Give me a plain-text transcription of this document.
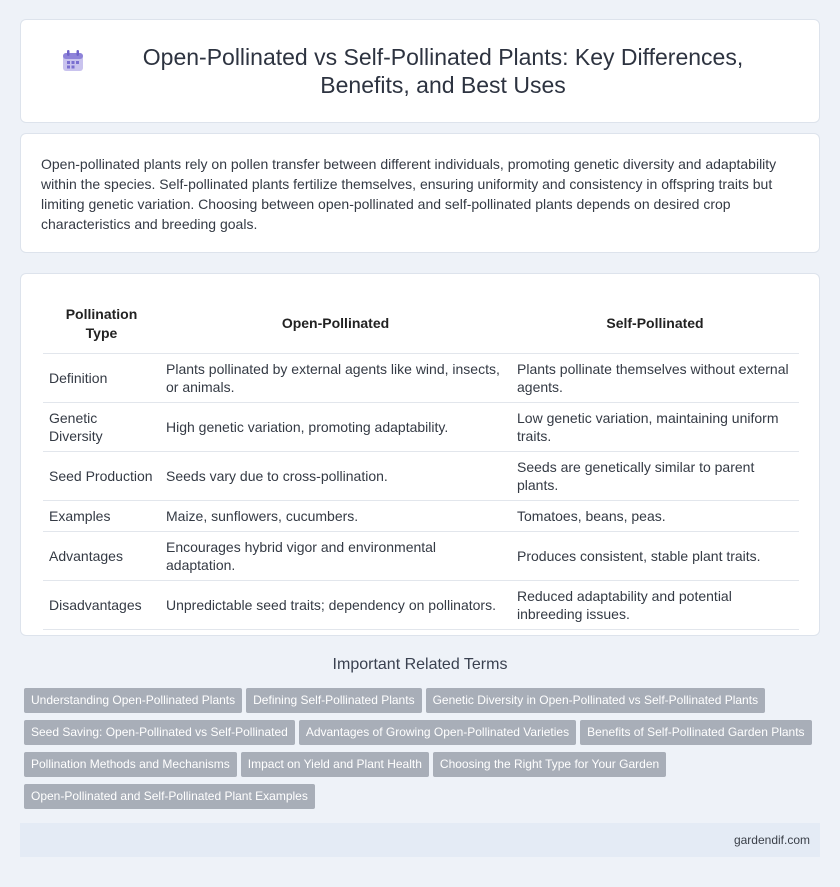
Open-Pollinated vs Self-Pollinated Plants: Key Differences, Benefits, and Best Uses

Open-pollinated plants rely on pollen transfer between different individuals, promoting genetic diversity and adaptability within the species. Self-pollinated plants fertilize themselves, ensuring uniformity and consistency in offspring traits but limiting genetic variation. Choosing between open-pollinated and self-pollinated plants depends on desired crop characteristics and breeding goals.

Pollination Type	Open-Pollinated	Self-Pollinated
Definition	Plants pollinated by external agents like wind, insects, or animals.	Plants pollinate themselves without external agents.
Genetic Diversity	High genetic variation, promoting adaptability.	Low genetic variation, maintaining uniform traits.
Seed Production	Seeds vary due to cross-pollination.	Seeds are genetically similar to parent plants.
Examples	Maize, sunflowers, cucumbers.	Tomatoes, beans, peas.
Advantages	Encourages hybrid vigor and environmental adaptation.	Produces consistent, stable plant traits.
Disadvantages	Unpredictable seed traits; dependency on pollinators.	Reduced adaptability and potential inbreeding issues.
Important Related Terms
Understanding Open-Pollinated Plants Defining Self-Pollinated Plants Genetic Diversity in Open-Pollinated vs Self-Pollinated Plants
Seed Saving: Open-Pollinated vs Self-Pollinated Advantages of Growing Open-Pollinated Varieties Benefits of Self-Pollinated Garden Plants
Pollination Methods and Mechanisms Impact on Yield and Plant Health Choosing the Right Type for Your Garden
Open-Pollinated and Self-Pollinated Plant Examples
gardendif.com
